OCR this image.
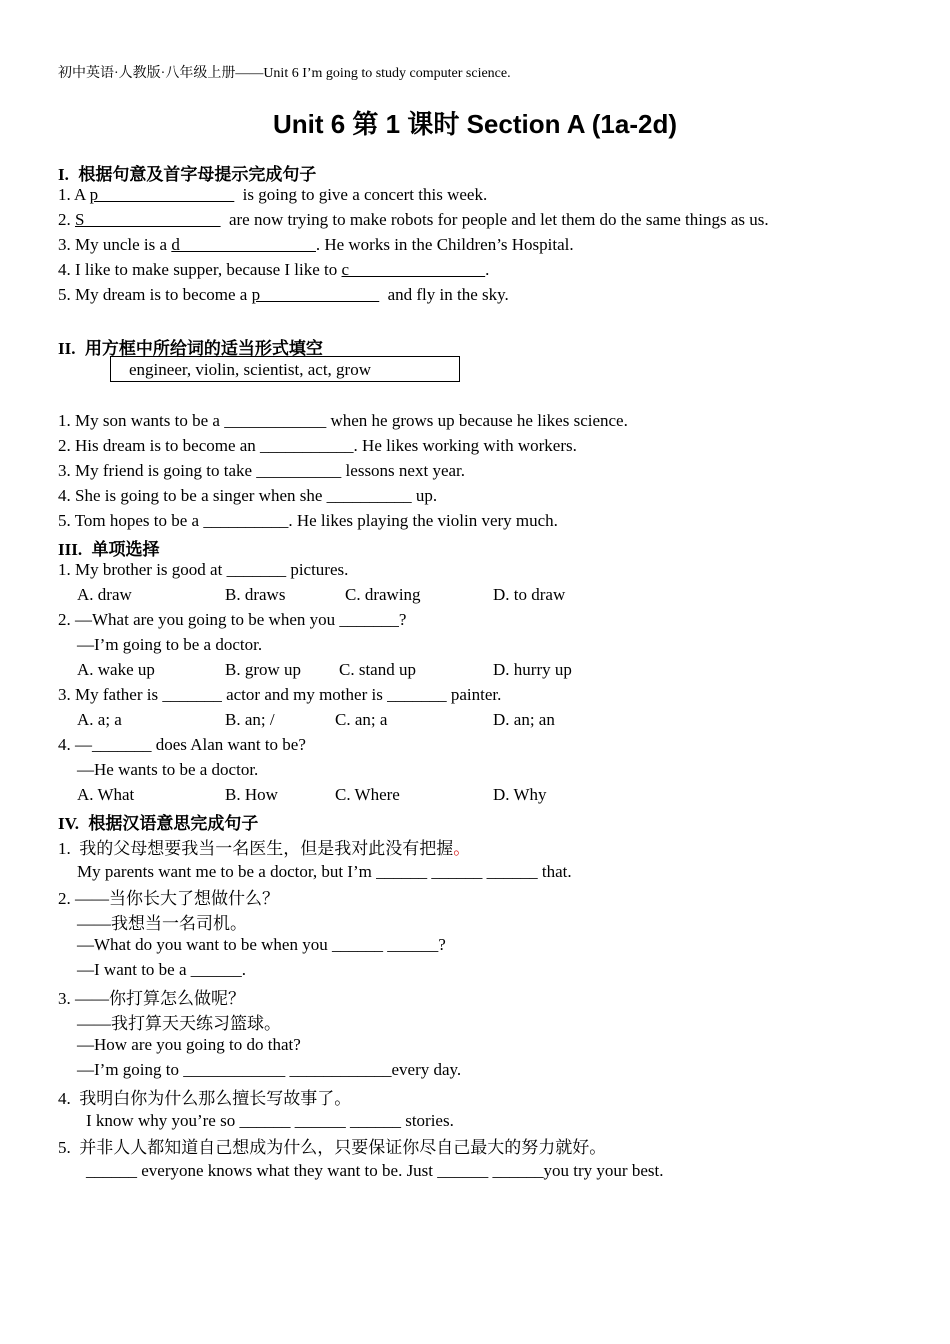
初中英语·人教版·八年级上册——Unit 6 I’m going to study computer science.
Unit 6 第 1 课时 Section A (1a-2d)
I. 根据句意及首字母提示完成句子
1. A p________________  is going to give a concert this week.
2. S________________  are now trying to make robots for people and let them do the same things as us.
3. My uncle is a d________________. He works in the Children’s Hospital.
4. I like to make supper, because I like to c________________.
5. My dream is to become a p______________  and fly in the sky.
II. 用方框中所给词的适当形式填空
engineer, violin, scientist, act, grow
1. My son wants to be a ____________ when he grows up because he likes science.
2. His dream is to become an ___________. He likes working with workers.
3. My friend is going to take __________ lessons next year.
4. She is going to be a singer when she __________ up.
5. Tom hopes to be a __________. He likes playing the violin very much.
III. 单项选择
1. My brother is good at _______ pictures.
A. draw	B. draws	C. drawing	D. to draw
2. —What are you going to be when you _______?
—I’m going to be a doctor.
A. wake up	B. grow up C. stand up	D. hurry up
3. My father is _______ actor and my mother is _______ painter.
A. a; a	B. an; /	C. an; a	D. an; an
4. —_______ does Alan want to be?
—He wants to be a doctor.
A. What	B. How	C. Where	D. Why
IV. 根据汉语意思完成句子
1.  我的父母想要我当一名医生，但是我对此没有把握。
My parents want me to be a doctor, but I’m ______ ______ ______ that.
2. ——当你长大了想做什么？
——我想当一名司机。
—What do you want to be when you ______ ______?
—I want to be a ______.
3. ——你打算怎么做呢？
——我打算天天练习篮球。
—How are you going to do that?
—I’m going to ____________ ____________every day.
4.  我明白你为什么那么擅长写故事了。
I know why you’re so ______ ______ ______ stories.
5.  并非人人都知道自己想成为什么，只要保证你尽自己最大的努力就好。
______ everyone knows what they want to be. Just ______ ______you try your best.
